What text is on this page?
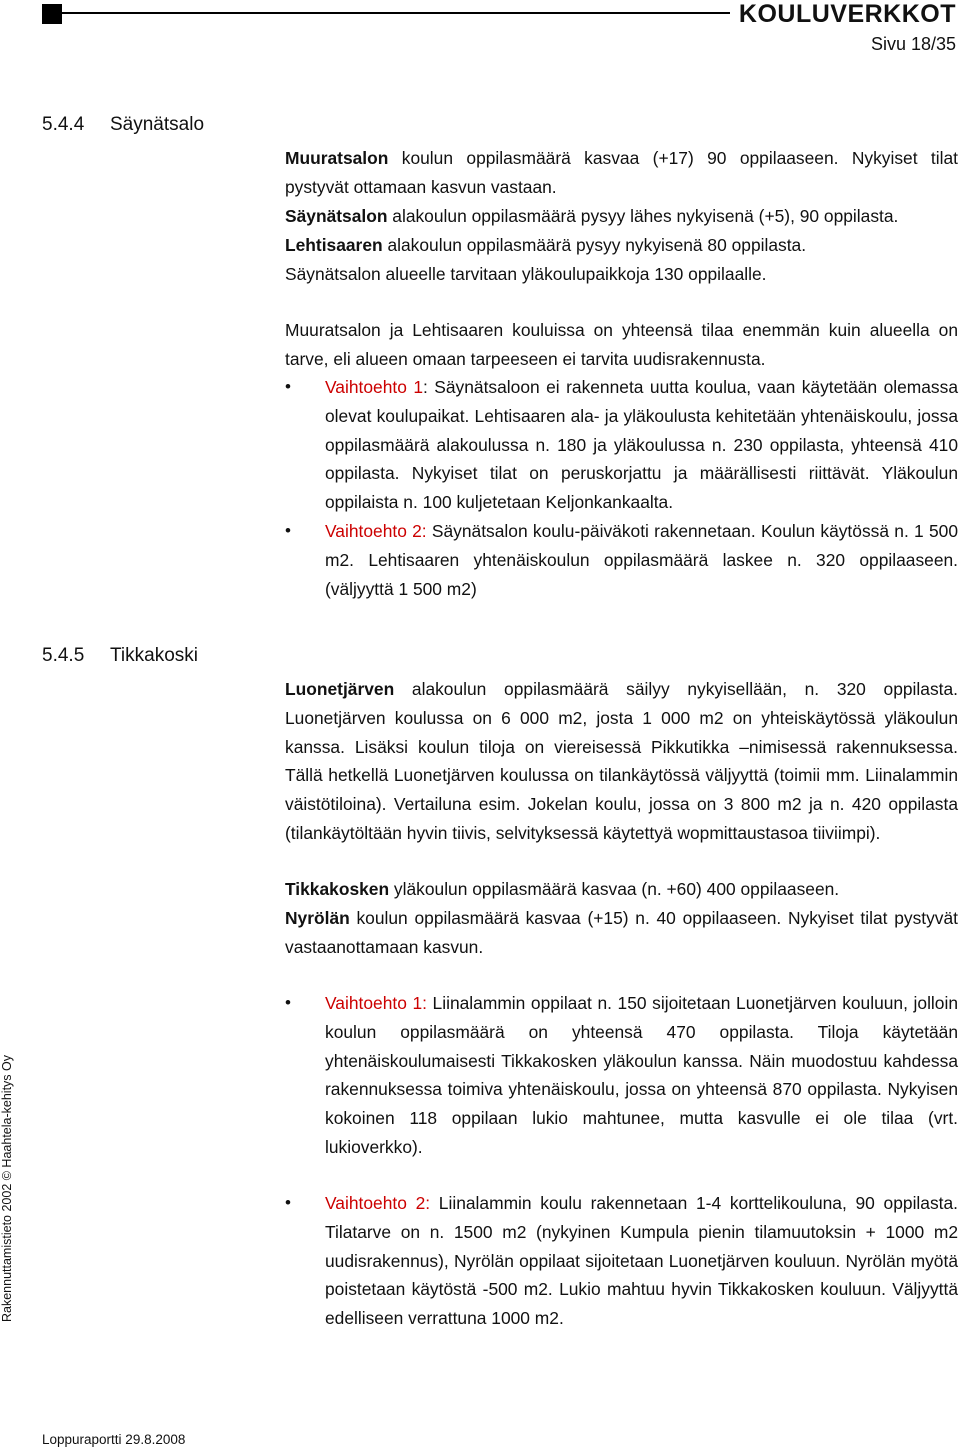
KOULUVERKKOT
Sivu 18/35
5.4.4 Säynätsalo
Muuratsalon koulun oppilasmäärä kasvaa (+17) 90 oppilaaseen. Nykyiset tilat pystyvät ottamaan kasvun vastaan.
Säynätsalon alakoulun oppilasmäärä pysyy lähes nykyisenä (+5), 90 oppilasta.
Lehtisaaren alakoulun oppilasmäärä pysyy nykyisenä 80 oppilasta.
Säynätsalon alueelle tarvitaan yläkoulupaikkoja 130 oppilaalle.
Muuratsalon ja Lehtisaaren kouluissa on yhteensä tilaa enemmän kuin alueella on tarve, eli alueen omaan tarpeeseen ei tarvita uudisrakennusta.
• Vaihtoehto 1: Säynätsaloon ei rakenneta uutta koulua, vaan käytetään olemassa olevat koulupaikat. Lehtisaaren ala- ja yläkoulusta kehitetään yhtenäiskoulu, jossa oppilasmäärä alakoulussa n. 180 ja yläkoulussa n. 230 oppilasta, yhteensä 410 oppilasta. Nykyiset tilat on peruskorjattu ja määrällisesti riittävät. Yläkoulun oppilaista n. 100 kuljetetaan Keljonkankaalta.
• Vaihtoehto 2: Säynätsalon koulu-päiväkoti rakennetaan. Koulun käytössä n. 1 500 m2. Lehtisaaren yhtenäiskoulun oppilasmäärä laskee n. 320 oppilaaseen. (väljyyttä 1 500 m2)
5.4.5 Tikkakoski
Luonetjärven alakoulun oppilasmäärä säilyy nykyisellään, n. 320 oppilasta. Luonetjärven koulussa on 6 000 m2, josta 1 000 m2 on yhteiskäytössä yläkoulun kanssa. Lisäksi koulun tiloja on viereisessä Pikkutikka –nimisessä rakennuksessa. Tällä hetkellä Luonetjärven koulussa on tilankäytössä väljyyttä (toimii mm. Liinalammin väistötiloina). Vertailuna esim. Jokelan koulu, jossa on 3 800 m2 ja n. 420 oppilasta (tilankäytöltään hyvin tiivis, selvityksessä käytettyä wopmittaustasoa tiiviimpi).
Tikkakosken yläkoulun oppilasmäärä kasvaa (n. +60) 400 oppilaaseen.
Nyrölän koulun oppilasmäärä kasvaa (+15) n. 40 oppilaaseen. Nykyiset tilat pystyvät vastaanottamaan kasvun.
• Vaihtoehto 1: Liinalammin oppilaat n. 150 sijoitetaan Luonetjärven kouluun, jolloin koulun oppilasmäärä on yhteensä 470 oppilasta. Tiloja käytetään yhtenäiskoulumaisesti Tikkakosken yläkoulun kanssa. Näin muodostuu kahdessa rakennuksessa toimiva yhtenäiskoulu, jossa on yhteensä 870 oppilasta. Nykyisen kokoinen 118 oppilaan lukio mahtunee, mutta kasvulle ei ole tilaa (vrt. lukioverkko).
• Vaihtoehto 2: Liinalammin koulu rakennetaan 1-4 korttelikouluna, 90 oppilasta. Tilatarve on n. 1500 m2 (nykyinen Kumpula pienin tilamuutoksin + 1000 m2 uudisrakennus), Nyrölän oppilaat sijoitetaan Luonetjärven kouluun. Nyrölän myötä poistetaan käytöstä -500 m2. Lukio mahtuu hyvin Tikkakosken kouluun. Väljyyttä edelliseen verrattuna 1000 m2.
Rakennuttamistieto 2002 © Haahtela-kehitys Oy
Loppuraportti 29.8.2008
